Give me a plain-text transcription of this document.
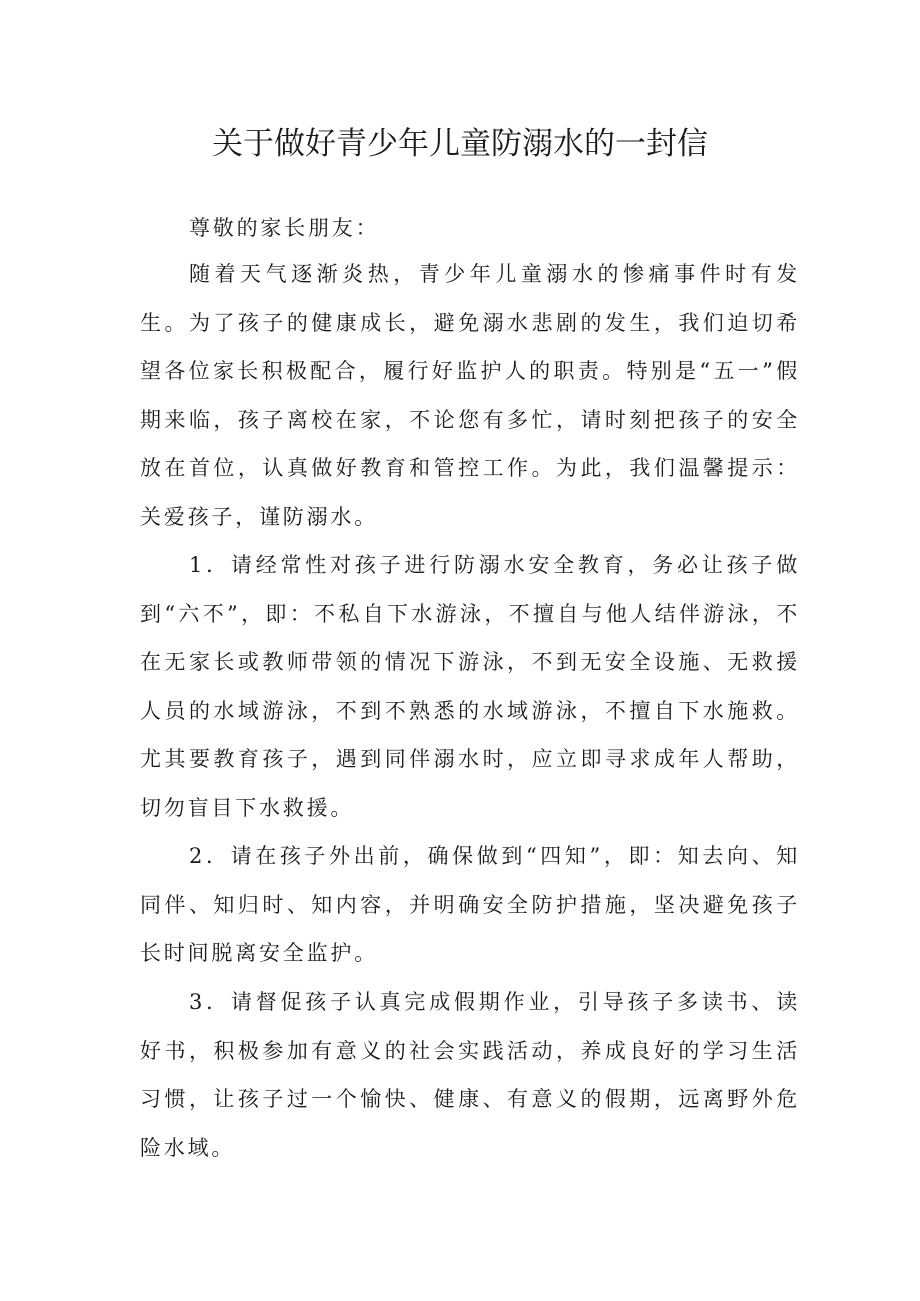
关于做好青少年儿童防溺水的一封信

尊敬的家长朋友：

随着天气逐渐炎热，青少年儿童溺水的惨痛事件时有发生。为了孩子的健康成长，避免溺水悲剧的发生，我们迫切希望各位家长积极配合，履行好监护人的职责。特别是“五一”假期来临，孩子离校在家，不论您有多忙，请时刻把孩子的安全放在首位，认真做好教育和管控工作。为此，我们温馨提示：关爱孩子，谨防溺水。

1．请经常性对孩子进行防溺水安全教育，务必让孩子做到“六不”，即：不私自下水游泳，不擅自与他人结伴游泳，不在无家长或教师带领的情况下游泳，不到无安全设施、无救援人员的水域游泳，不到不熟悉的水域游泳，不擅自下水施救。尤其要教育孩子，遇到同伴溺水时，应立即寻求成年人帮助，切勿盲目下水救援。

2．请在孩子外出前，确保做到“四知”，即：知去向、知同伴、知归时、知内容，并明确安全防护措施，坚决避免孩子长时间脱离安全监护。

3．请督促孩子认真完成假期作业，引导孩子多读书、读好书，积极参加有意义的社会实践活动，养成良好的学习生活习惯，让孩子过一个愉快、健康、有意义的假期，远离野外危险水域。
